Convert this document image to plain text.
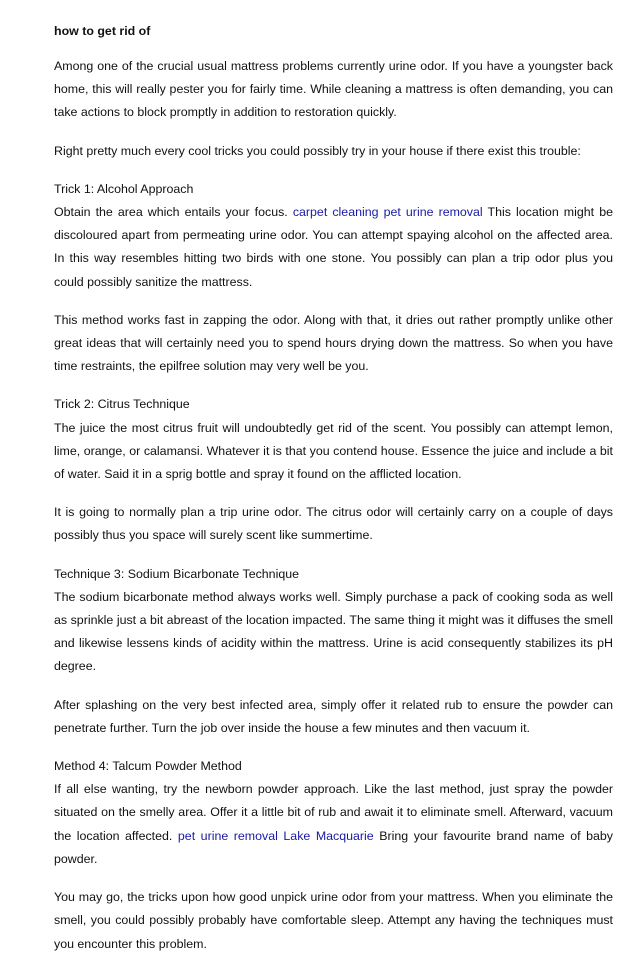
how to get rid of

Among one of the crucial usual mattress problems currently urine odor. If you have a youngster back home, this will really pester you for fairly time. While cleaning a mattress is often demanding, you can take actions to block promptly in addition to restoration quickly.

Right pretty much every cool tricks you could possibly try in your house if there exist this trouble:

Trick 1: Alcohol Approach
Obtain the area which entails your focus. carpet cleaning pet urine removal This location might be discoloured apart from permeating urine odor. You can attempt spaying alcohol on the affected area. In this way resembles hitting two birds with one stone. You possibly can plan a trip odor plus you could possibly sanitize the mattress.

This method works fast in zapping the odor. Along with that, it dries out rather promptly unlike other great ideas that will certainly need you to spend hours drying down the mattress. So when you have time restraints, the epilfree solution may very well be you.

Trick 2: Citrus Technique
The juice the most citrus fruit will undoubtedly get rid of the scent. You possibly can attempt lemon, lime, orange, or calamansi. Whatever it is that you contend house. Essence the juice and include a bit of water. Said it in a sprig bottle and spray it found on the afflicted location.

It is going to normally plan a trip urine odor. The citrus odor will certainly carry on a couple of days possibly thus you space will surely scent like summertime.

Technique 3: Sodium Bicarbonate Technique
The sodium bicarbonate method always works well. Simply purchase a pack of cooking soda as well as sprinkle just a bit abreast of the location impacted. The same thing it might was it diffuses the smell and likewise lessens kinds of acidity within the mattress. Urine is acid consequently stabilizes its pH degree.

After splashing on the very best infected area, simply offer it related rub to ensure the powder can penetrate further. Turn the job over inside the house a few minutes and then vacuum it.

Method 4: Talcum Powder Method
If all else wanting, try the newborn powder approach. Like the last method, just spray the powder situated on the smelly area. Offer it a little bit of rub and await it to eliminate smell. Afterward, vacuum the location affected. pet urine removal Lake Macquarie Bring your favourite brand name of baby powder.

You may go, the tricks upon how good unpick urine odor from your mattress. When you eliminate the smell, you could possibly probably have comfortable sleep. Attempt any having the techniques must you encounter this problem.
